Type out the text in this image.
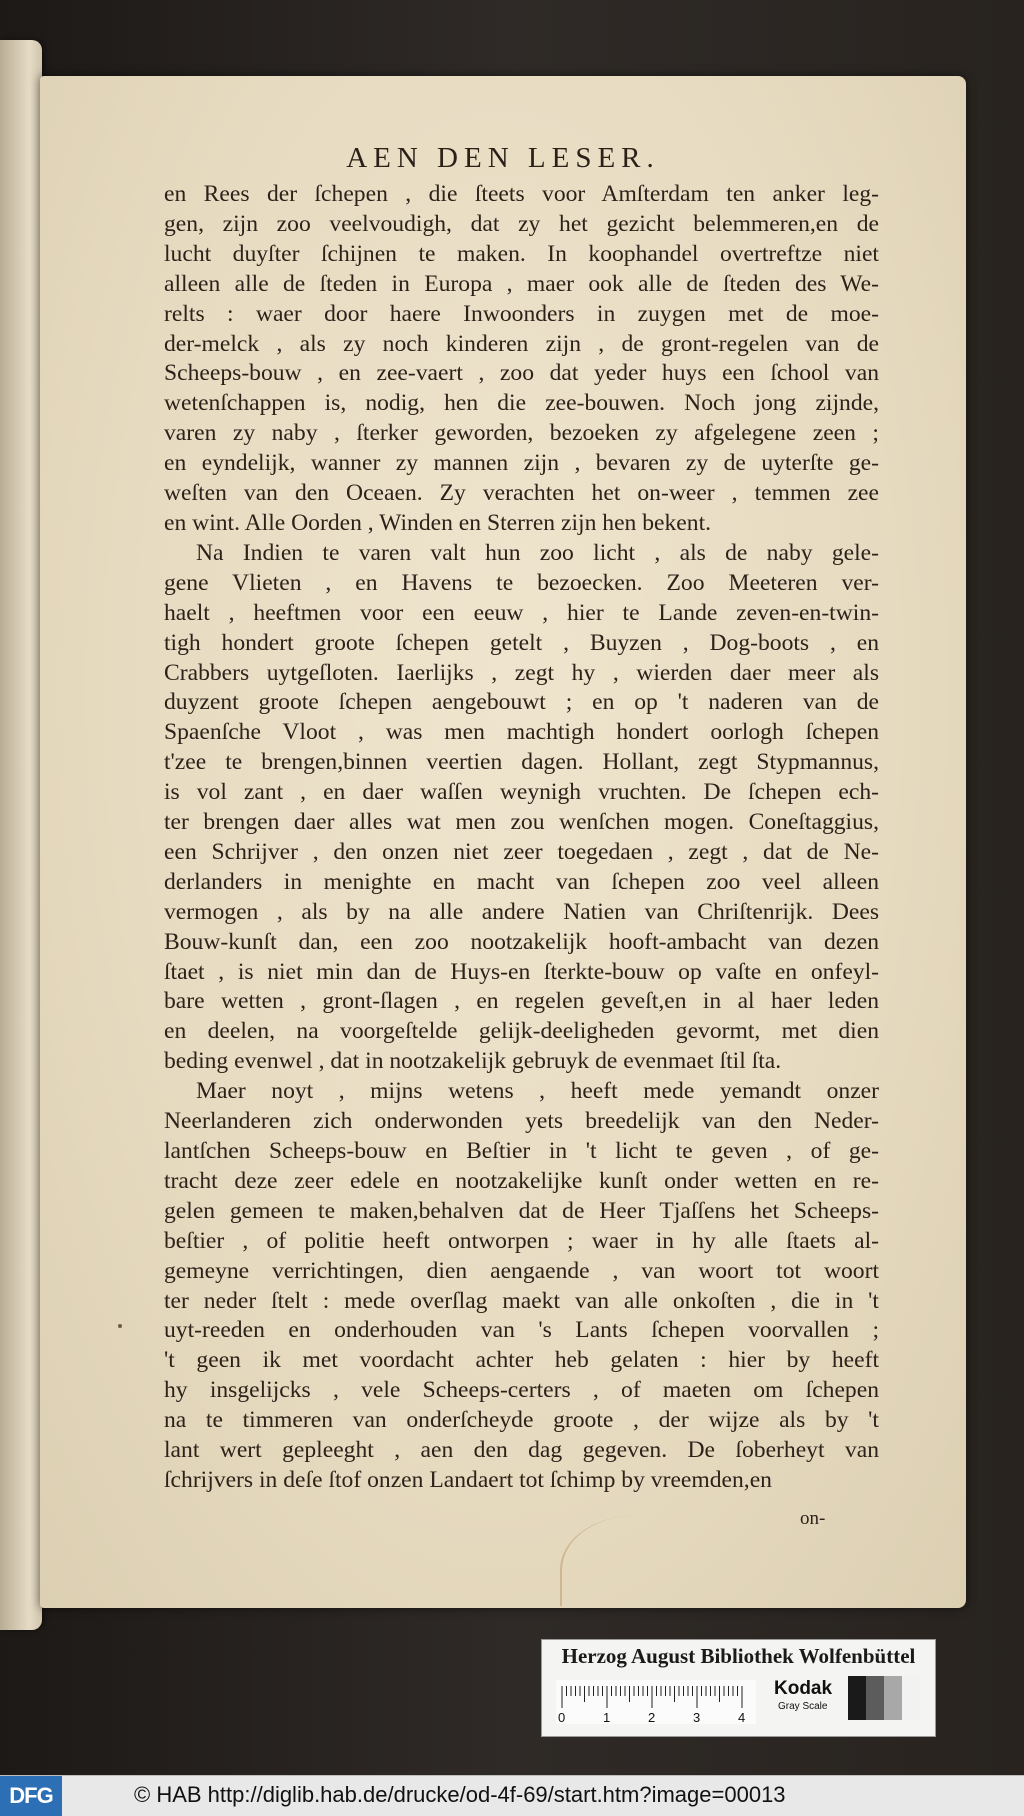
AEN DEN LESER.
en Rees der ſchepen , die ſteets voor Amſterdam ten anker leg-
gen, zijn zoo veelvoudigh, dat zy het gezicht belemmeren,en de
lucht duyſter ſchijnen te maken. In koophandel overtreftze niet
alleen alle de ſteden in Europa , maer ook alle de ſteden des We-
relts : waer door haere Inwoonders in zuygen met de moe-
der-melck , als zy noch kinderen zijn , de gront-regelen van de
Scheeps-bouw , en zee-vaert , zoo dat yeder huys een ſchool van
wetenſchappen is, nodig, hen die zee-bouwen. Noch jong zijnde,
varen zy naby , ſterker geworden, bezoeken zy afgelegene zeen ;
en eyndelijk, wanner zy mannen zijn , bevaren zy de uyterſte ge-
weſten van den Oceaen. Zy verachten het on-weer , temmen zee
en wint. Alle Oorden , Winden en Sterren zijn hen bekent.
Na Indien te varen valt hun zoo licht , als de naby gele-
gene Vlieten , en Havens te bezoecken. Zoo Meeteren ver-
haelt , heeftmen voor een eeuw , hier te Lande zeven-en-twin-
tigh hondert groote ſchepen getelt , Buyzen , Dog-boots , en
Crabbers uytgeſloten. Iaerlijks , zegt hy , wierden daer meer als
duyzent groote ſchepen aengebouwt ; en op 't naderen van de
Spaenſche Vloot , was men machtigh hondert oorlogh ſchepen
t'zee te brengen,binnen veertien dagen. Hollant, zegt Stypmannus,
is vol zant , en daer waſſen weynigh vruchten. De ſchepen ech-
ter brengen daer alles wat men zou wenſchen mogen. Coneſtaggius,
een Schrijver , den onzen niet zeer toegedaen , zegt , dat de Ne-
derlanders in menighte en macht van ſchepen zoo veel alleen
vermogen , als by na alle andere Natien van Chriſtenrijk. Dees
Bouw-kunſt dan, een zoo nootzakelijk hooft-ambacht van dezen
ſtaet , is niet min dan de Huys-en ſterkte-bouw op vaſte en onfeyl-
bare wetten , gront-ſlagen , en regelen geveſt,en in al haer leden
en deelen, na voorgeſtelde gelijk-deeligheden gevormt, met dien
beding evenwel , dat in nootzakelijk gebruyk de evenmaet ſtil ſta.
Maer noyt , mijns wetens , heeft mede yemandt onzer
Neerlanderen zich onderwonden yets breedelijk van den Neder-
lantſchen Scheeps-bouw en Beſtier in 't licht te geven , of ge-
tracht deze zeer edele en nootzakelijke kunſt onder wetten en re-
gelen gemeen te maken,behalven dat de Heer Tjaſſens het Scheeps-
beſtier , of politie heeft ontworpen ; waer in hy alle ſtaets al-
gemeyne verrichtingen, dien aengaende , van woort tot woort
ter neder ſtelt : mede overſlag maekt van alle onkoſten , die in 't
uyt-reeden en onderhouden van 's Lants ſchepen voorvallen ;
't geen ik met voordacht achter heb gelaten : hier by heeft
hy insgelijcks , vele Scheeps-certers , of maeten om ſchepen
na te timmeren van onderſcheyde groote , der wijze als by 't
lant wert gepleeght , aen den dag gegeven. De ſoberheyt van
ſchrijvers in deſe ſtof onzen Landaert tot ſchimp by vreemden,en
on-
Herzog August Bibliothek Wolfenbüttel
0	1	2	3	4
Kodak
Gray Scale
DFG	© HAB http://diglib.hab.de/drucke/od-4f-69/start.htm?image=00013
